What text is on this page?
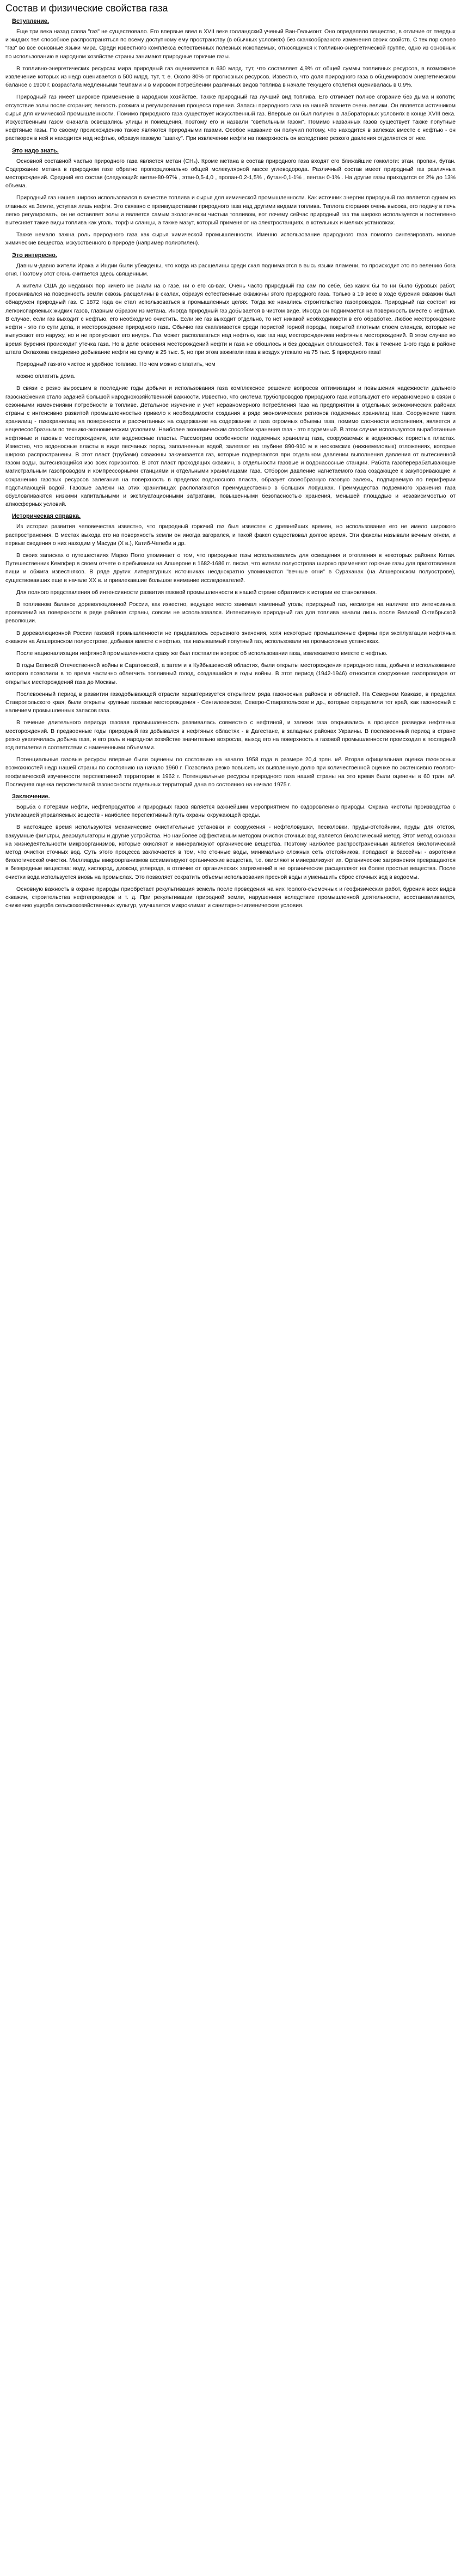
Состав и физические свойства газа
Вступление.

Еще три века назад слова "газ" не существовало. Его впервые ввел в XVII веке голландский ученый Ван-Гельмонт. Оно определяло вещество, в отличие от твердых и жидких тел способное распространяться по всему доступному ему пространству (в обычных условиях) без скачкообразного изменения своих свойств. С тех пор слово "газ" во все основные языки мира. Среди известного комплекса естественных полезных ископаемых, относящихся к топливно-энергетической группе, одно из основных по использованию в народном хозяйстве страны занимают природные горючие газы.

В топливно-энергетических ресурсах мира природный газ оценивается в 630 млрд. тут, что составляет 4,9% от общей суммы топливных ресурсов, в возможное извлечение которых из недр оценивается в 500 млрд. тут, т. е. Около 80% от прогнозных ресурсов. Известно, что доля природного газа в общемировом энергетическом балансе с 1900 г. возрастала медленными темпами и в мировом потреблении различных видов топлива в начале текущего столетия оценивалась в 0,9%.

Природный газ имеет широкое применение в народном хозяйстве. Также природный газ лучший вид топлива. Его отличает полное сгорание без дыма и копоти; отсутствие золы после сгорания; легкость розжига и регулирования процесса горения. Запасы природного газа на нашей планете очень велики. Он является источником сырья для химической промышленности. Помимо природного газа существует искусственный газ. Впервые он был получен в лабораторных условиях в конце XVIII века. Искусственным газом сначала освещались улицы и помещения, поэтому его и назвали "светильным газом". Помимо названных газов существует также попутные нефтяные газы. По своему происхождению также являются природными газами. Особое название он получил потому, что находится в залежах вместе с нефтью - он растворен в ней и находится над нефтью, образуя газовую "шапку". При извлечении нефти на поверхность он вследствие резкого давления отделяется от нее.

Это надо знать.

Основной составной частью природного газа является метан (СН₄). Кроме метана в состав природного газа входят его ближайшие гомологи: этан, пропан, бутан. Содержание метана в природном газе обратно пропорционально общей молекулярной массе углеводорода. Различный состав имеет природный газ различных месторождений. Средний его состав (следующий: метан-80-97% , этан-0,5-4,0 , пропан-0,2-1,5% , бутан-0,1-1% , пентан 0-1% . На другие газы приходится от 2% до 13% объема.

Природный газ нашел широко использовался в качестве топлива и сырья для химической промышленности. Как источник энергии природный газ является одним из главных на Земле, уступая лишь нефти. Это связано с преимуществами природного газа над другими видами топлива. Теплота сгорания очень высока, его подачу в печь легко регулировать, он не оставляет золы и является самым экологически чистым топливом, вот почему сейчас природный газ так широко используется и постепенно вытесняет такие виды топлива как уголь, торф и сланцы, а также мазут, который применяют на электростанциях, в котельных и мелких установках.

Также немало важна роль природного газа как сырья химической промышленности. Именно использование природного газа помогло синтезировать многие химические вещества, искусственного в природе (например полиэтилен).

Это интересно.

Давным-давно жители Ирака и Индии были убеждены, что когда из расщелины среди скал поднимаются в высь языки пламени, то происходит это по велению бога огня. Поэтому этот огонь считается здесь священным.

А жители США до недавних пор ничего не знали на о газе, ни о его св-вах. Очень часто природный газ сам по себе, без каких бы то ни было буровых работ, просачивался на поверхность земли сквозь расщелины в скалах, образуя естественные скважины этого природного газа. Только в 19 веке в ходе бурения скважин был обнаружен природный газ. С 1872 года он стал использоваться в промышленных целях. Тогда же начались строительство газопроводов. Природный газ состоит из легкоиспаряемых жидких газов, главным образом из метана. Иногда природный газ добывается в чистом виде. Иногда он поднимается на поверхность вместе с нефтью. В случае, если газ выходит с нефтью, его необходимо очистить. Если же газ выходит отдельно, то нет никакой необходимости в его обработке. Любое месторождение нефти - это по сути дела, и месторождение природного газа. Обычно газ скапливается среди пористой горной породы, покрытой плотным слоем сланцев, которые не выпускают его наружу, но и не пропускают его внутрь. Газ может располагаться над нефтью, как газ над месторождением нефтяных месторождений. В этом случае во время бурения происходит утечка газа. Но в деле освоения месторождений нефти и газа не обошлось и без досадных оплошностей. Так в течение 1-ого года в районе штата Оклахома ежедневно добывание нефти на сумму в 25 тыс. $, но при этом зажигали газа в воздух утекало на 75 тыс. $ природного газа!

Природный газ-это чистое и удобное топливо. Но чем можно оплатить, чем

можно оплатить дома.

В связи с резко выросшим в последние годы добычи и использования газа комплексное решение вопросов оптимизации и повышения надежности дальнего газоснабжения стало задачей большой народнохозяйственной важности. Известно, что система трубопроводов природного газа используют его неравномерно в связи с сезонными изменениями потребности в топливе. Детальное изучение и учет неравномерного потребления газа на предприятии в отдельных экономических районах страны с интенсивно развитой промышленностью привело к необходимости создания в ряде экономических регионов подземных хранилищ газа. Сооружение таких хранилищ - газохранилищ на поверхности и рассчитанных на содержание на содержание и газа огромных объемы газа, помимо сложности исполнения, является и нецелесообразным по технико-экономическим условиям. Наиболее экономическим способом хранения газа - это подземный. В этом случае используются выработанные нефтяные и газовые месторождения, или водоносные пласты. Рассмотрим особенности подземных хранилищ газа, сооружаемых в водоносных пористых пластах. Известно, что водоносные пласты в виде песчаных пород, заполненные водой, залегают на глубине 890-910 м в неокомских (нижнемеловых) отложениях, которые широко распространены. В этот пласт (трубами) скважины закачивается газ, которые подвергаются при отдельном давлении выполнения давления от вытесненной газом воды, вытесняющийся изо всех горизонтов. В этот пласт проходящих скважин, в отдельности газовые и водонасосные станции. Работа газоперерабатывающие магистральным газопроводом и компрессорными станциями и отдельными хранилищами газа. Отбором давление нагнетаемого газа создающее к закупоривающие и сохранению газовых ресурсов залегания на поверхность в пределах водоносного пласта, образует своеобразную газовую залежь, подпираемую по периферии подстилающей водой. Газовые залежи на этих хранилищах располагаются преимущественно в больших ловушках. Преимущества подземного хранения газа обусловливаются низкими капитальными и эксплуатационными затратами, повышенными безопасностью хранения, меньшей площадью и независимостью от атмосферных условий.

Историческая справка.

Из истории развития человечества известно, что природный горючий газ был известен с древнейших времен, но использование его не имело широкого распространения. В местах выхода его на поверхность земли он иногда загорался, и такой факел существовал долгое время. Эти факелы называли вечным огнем, и первые сведения о них находим у Масуди (Х в.), Катиб-Челеби и др.

В своих записках о путешествиях Марко Поло упоминает о том, что природные газы использовались для освещения и отопления в некоторых районах Китая. Путешественник Кемпфер в своем отчете о пребывании на Апшероне в 1682-1686 гг. писал, что жители полуострова широко применяют горючие газы для приготовления пищи и обжига известняков. В ряде других литературных источниках неоднократно упоминаются "вечные огни" в Сураханах (на Апшеронском полуострове), существовавших еще в начале XX в. и привлекавшие большое внимание исследователей.

Для полного представления об интенсивности развития газовой промышленности в нашей стране обратимся к истории ее становления.

В топливном балансе дореволюционной России, как известно, ведущее место занимал каменный уголь; природный газ, несмотря на наличие его интенсивных проявлений на поверхности в ряде районов страны, совсем не использовался. Интенсивную природный газ для топлива начали лишь после Великой Октябрьской революции.

В дореволюционной России газовой промышленности не придавалось серьезного значения, хотя некоторые промышленные фирмы при эксплуатации нефтяных скважин на Апшеронском полуострове, добывая вместе с нефтью, так называемый попутный газ, использовали на промысловых установках.

После национализации нефтяной промышленности сразу же был поставлен вопрос об использовании газа, извлекаемого вместе с нефтью.

В годы Великой Отечественной войны в Саратовской, а затем и в Куйбышевской областях, были открыты месторождения природного газа, добыча и использование которого позволили в то время частично облегчить топливный голод, создавшийся в годы войны. В этот период (1942-1946) относится сооружение газопроводов от открытых месторождений газа до Москвы.

Послевоенный период в развитии газодобывающей отрасли характеризуется открытием ряда газоносных районов и областей. На Северном Кавказе, в пределах Ставропольского края, были открыты крупные газовые месторождения - Сенгилеевское, Северо-Ставропольское и др., которые определили тот край, как газоносный с наличием промышленных запасов газа.

В течение длительного периода газовая промышленность развивалась совместно с нефтяной, и залежи газа открывались в процессе разведки нефтяных месторождений. В предвоенные годы природный газ добывался в нефтяных областях - в Дагестане, в западных районах Украины. В послевоенный период в стране резко увеличилась добыча газа, и его роль в народном хозяйстве значительно возросла, выход его на поверхность в газовой промышленности происходил в последний год пятилетки в соответствии с намеченными объемами.

Потенциальные газовые ресурсы впервые были оценены по состоянию на начало 1958 года в размере 20,4 трлн. м³. Вторая официальная оценка газоносных возможностей недр нашей страны по состоянию на начало 1960 г. Позволила резко повысить их выявленную долю при количественной оценке по экстенсивно геолого-геофизической изученности перспективной территории в 1962 г. Потенциальные ресурсы природного газа нашей страны на это время были оценены в 60 трлн. м³. Последняя оценка перспективной газоносности отдельных территорий дана по состоянию на начало 1975 г.

Заключение.

Борьба с потерями нефти, нефтепродуктов и природных газов является важнейшим мероприятием по оздоровлению природы. Охрана чистоты производства с утилизацией управляемых веществ - наиболее перспективный путь охраны окружающей среды.

В настоящее время используются механические очистительные установки и сооружения - нефтеловушки, песколовки, пруды-отстойники, пруды для отстоя, вакуумные фильтры, деаэмульгаторы и другие устройства. Но наиболее эффективным методом очистки сточных вод является биологический метод. Этот метод основан на жизнедеятельности микроорганизмов, которые окисляют и минерализуют органические вещества. Поэтому наиболее распространенным является биологический метод очистки сточных вод. Суть этого процесса заключается в том, что сточные воды, минимально сложных сеть отстойников, попадают в бассейны - аэротенки биологической очистки. Миллиарды микроорганизмов ассимилируют органические вещества, т.е. окисляют и минерализуют их. Органические загрязнения превращаются в безвредные вещества: воду, кислород, диоксид углерода, в отличие от органических загрязнений в не органические расщепляют на более простые вещества. После очистки вода используется вновь на промыслах. Это позволяет сократить объемы использования пресной воды и уменьшить сброс сточных вод в водоемы.

Основную важность в охране природы приобретает рекультивация земель после проведения на них геолого-съемочных и геофизических работ, бурения всех видов скважин, строительства нефтепроводов и т. д. При рекультивации природной земли, нарушенная вследствие промышленной деятельности, восстанавливается, снижению ущерба сельскохозяйственных культур, улучшается микроклимат и санитарно-гигиенические условия.
